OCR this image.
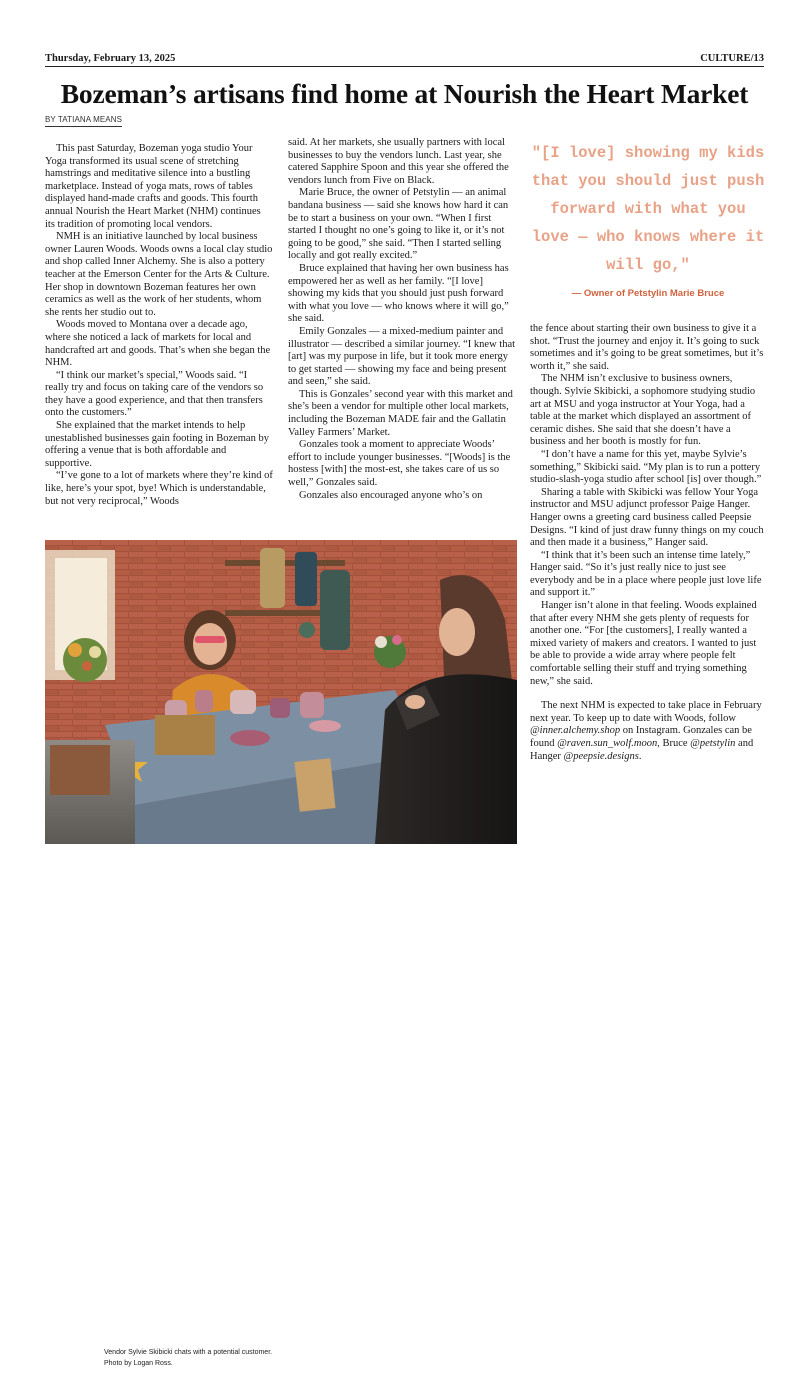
Thursday, February 13, 2025	CULTURE/13
Bozeman’s artisans find home at Nourish the Heart Market
BY TATIANA MEANS

This past Saturday, Bozeman yoga studio Your Yoga transformed its usual scene of stretching hamstrings and meditative silence into a bustling marketplace. Instead of yoga mats, rows of tables displayed hand-made crafts and goods. This fourth annual Nourish the Heart Market (NHM) continues its tradition of promoting local vendors.

NMH is an initiative launched by local business owner Lauren Woods. Woods owns a local clay studio and shop called Inner Alchemy. She is also a pottery teacher at the Emerson Center for the Arts & Culture. Her shop in downtown Bozeman features her own ceramics as well as the work of her students, whom she rents her studio out to.

Woods moved to Montana over a decade ago, where she noticed a lack of markets for local and handcrafted art and goods. That’s when she began the NHM.

“I think our market’s special,” Woods said. “I really try and focus on taking care of the vendors so they have a good experience, and that then transfers onto the customers.”

She explained that the market intends to help unestablished businesses gain footing in Bozeman by offering a venue that is both affordable and supportive.

“I’ve gone to a lot of markets where they’re kind of like, here’s your spot, bye! Which is understandable, but not very reciprocal,” Woods

said. At her markets, she usually partners with local businesses to buy the vendors lunch. Last year, she catered Sapphire Spoon and this year she offered the vendors lunch from Five on Black.

Marie Bruce, the owner of Petstylin — an animal bandana business — said she knows how hard it can be to start a business on your own. “When I first started I thought no one’s going to like it, or it’s not going to be good,” she said. “Then I started selling locally and got really excited.”

Bruce explained that having her own business has empowered her as well as her family. “[I love] showing my kids that you should just push forward with what you love — who knows where it will go,” she said.

Emily Gonzales — a mixed-medium painter and illustrator — described a similar journey. “I knew that [art] was my purpose in life, but it took more energy to get started — showing my face and being present and seen,” she said.

This is Gonzales’ second year with this market and she’s been a vendor for multiple other local markets, including the Bozeman MADE fair and the Gallatin Valley Farmers’ Market.

Gonzales took a moment to appreciate Woods’ effort to include younger businesses. “[Woods] is the hostess [with] the most-est, she takes care of us so well,” Gonzales said.

Gonzales also encouraged anyone who’s on

"[I love] showing my kids that you should just push forward with what you love — who knows where it will go,"
— Owner of Petstylin Marie Bruce

the fence about starting their own business to give it a shot. “Trust the journey and enjoy it. It’s going to suck sometimes and it’s going to be great sometimes, but it’s worth it,” she said.

The NHM isn’t exclusive to business owners, though. Sylvie Skibicki, a sophomore studying studio art at MSU and yoga instructor at Your Yoga, had a table at the market which displayed an assortment of ceramic dishes. She said that she doesn’t have a business and her booth is mostly for fun.

“I don’t have a name for this yet, maybe Sylvie’s something,” Skibicki said. “My plan is to run a pottery studio-slash-yoga studio after school [is] over though.”

Sharing a table with Skibicki was fellow Your Yoga instructor and MSU adjunct professor Paige Hanger. Hanger owns a greeting card business called Peepsie Designs. “I kind of just draw funny things on my couch and then made it a business,” Hanger said.

“I think that it’s been such an intense time lately,” Hanger said. “So it’s just really nice to just see everybody and be in a place where people just love life and support it.”

Hanger isn’t alone in that feeling. Woods explained that after every NHM she gets plenty of requests for another one. “For [the customers], I really wanted a mixed variety of makers and creators. I wanted to just be able to provide a wide array where people felt comfortable selling their stuff and trying something new,” she said.

The next NHM is expected to take place in February next year. To keep up to date with Woods, follow @inner.alchemy.shop on Instagram. Gonzales can be found @raven.sun_wolf.moon, Bruce @petstylin and Hanger @peepsie.designs.

Vendor Sylvie Skibicki chats with a potential customer.
Photo by Logan Ross.
